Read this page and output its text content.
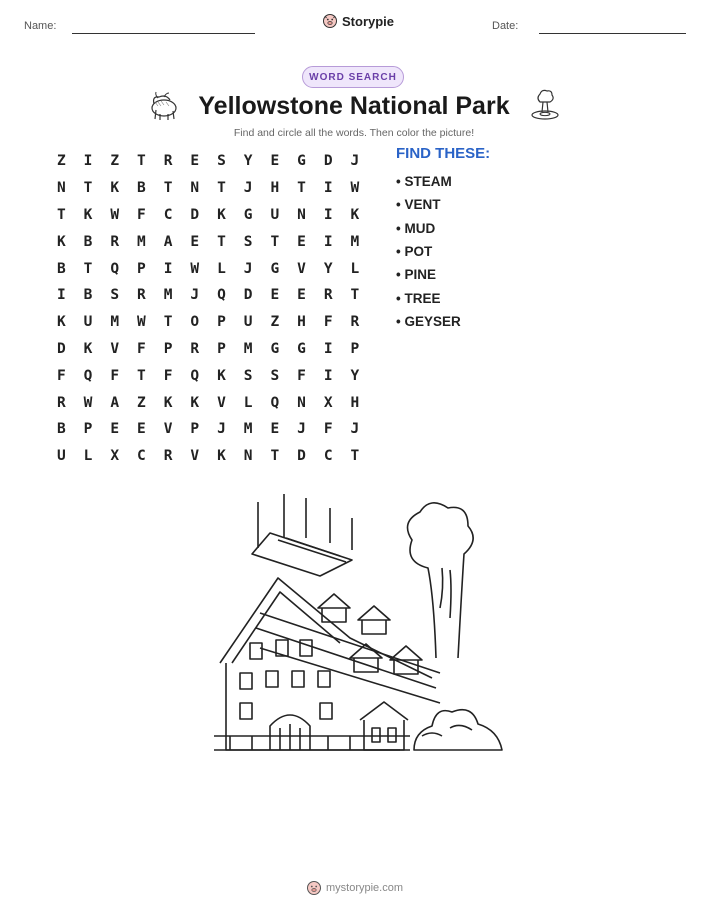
Name:	Storypie	Date:
WORD SEARCH
Yellowstone National Park
Find and circle all the words. Then color the picture!
Z	I	Z	T	R	E	S	Y	E	G	D	J
N	T	K	B	T	N	T	J	H	T	I	W
T	K	W	F	C	D	K	G	U	N	I	K
K	B	R	M	A	E	T	S	T	E	I	M
B	T	Q	P	I	W	L	J	G	V	Y	L
I	B	S	R	M	J	Q	D	E	E	R	T
K	U	M	W	T	O	P	U	Z	H	F	R
D	K	V	F	P	R	P	M	G	G	I	P
F	Q	F	T	F	Q	K	S	S	F	I	Y
R	W	A	Z	K	K	V	L	Q	N	X	H
B	P	E	E	V	P	J	M	E	J	F	J
U	L	X	C	R	V	K	N	T	D	C	T
FIND THESE:
• STEAM
• VENT
• MUD
• POT
• PINE
• TREE
• GEYSER
mystorypie.com
